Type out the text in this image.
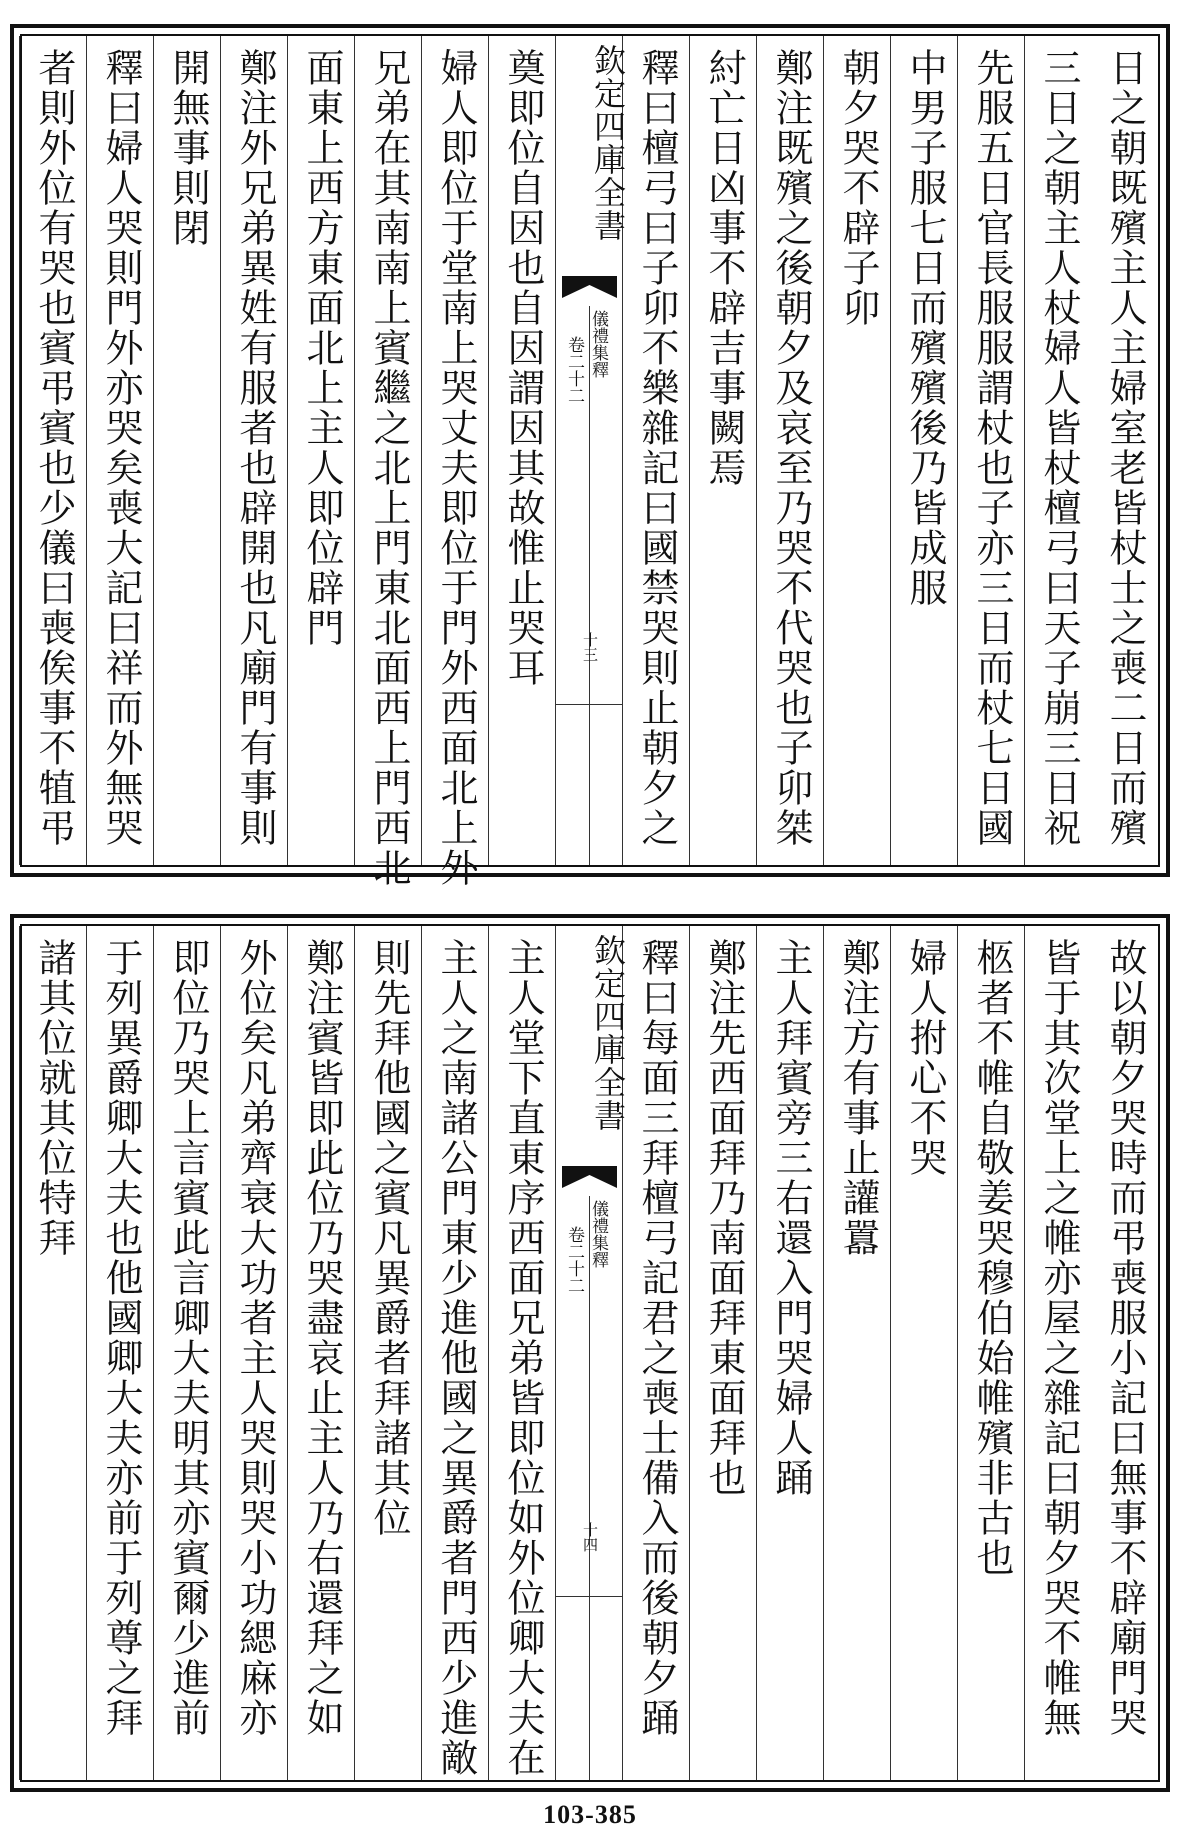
日之朝既殯主人主婦室老皆杖士之喪二日而殯
三日之朝主人杖婦人皆杖檀弓曰天子崩三日祝
先服五日官長服服謂杖也子亦三日而杖七日國
中男子服七日而殯殯後乃皆成服
朝夕哭不辟子卯
鄭注既殯之後朝夕及哀至乃哭不代哭也子卯桀
紂亡日凶事不辟吉事闕焉
釋曰檀弓曰子卯不樂雜記曰國禁哭則止朝夕之
欽定四庫全書
儀禮集釋
卷二十二
十三
奠即位自因也自因謂因其故惟止哭耳
婦人即位于堂南上哭丈夫即位于門外西面北上外
兄弟在其南南上賓繼之北上門東北面西上門西北
面東上西方東面北上主人即位辟門
鄭注外兄弟異姓有服者也辟開也凡廟門有事則
開無事則閉
釋曰婦人哭則門外亦哭矣喪大記曰祥而外無哭
者則外位有哭也賓弔賓也少儀曰喪俟事不犆弔
故以朝夕哭時而弔喪服小記曰無事不辟廟門哭
皆于其次堂上之帷亦屋之雜記曰朝夕哭不帷無
柩者不帷自敬姜哭穆伯始帷殯非古也
婦人拊心不哭
鄭注方有事止讙囂
主人拜賓旁三右還入門哭婦人踊
鄭注先西面拜乃南面拜東面拜也
釋曰每面三拜檀弓記君之喪士備入而後朝夕踊
欽定四庫全書
儀禮集釋
卷二十二
十四
主人堂下直東序西面兄弟皆即位如外位卿大夫在
主人之南諸公門東少進他國之異爵者門西少進敵
則先拜他國之賓凡異爵者拜諸其位
鄭注賓皆即此位乃哭盡哀止主人乃右還拜之如
外位矣凡弟齊衰大功者主人哭則哭小功緦麻亦
即位乃哭上言賓此言卿大夫明其亦賓爾少進前
于列異爵卿大夫也他國卿大夫亦前于列尊之拜
諸其位就其位特拜
103-385
